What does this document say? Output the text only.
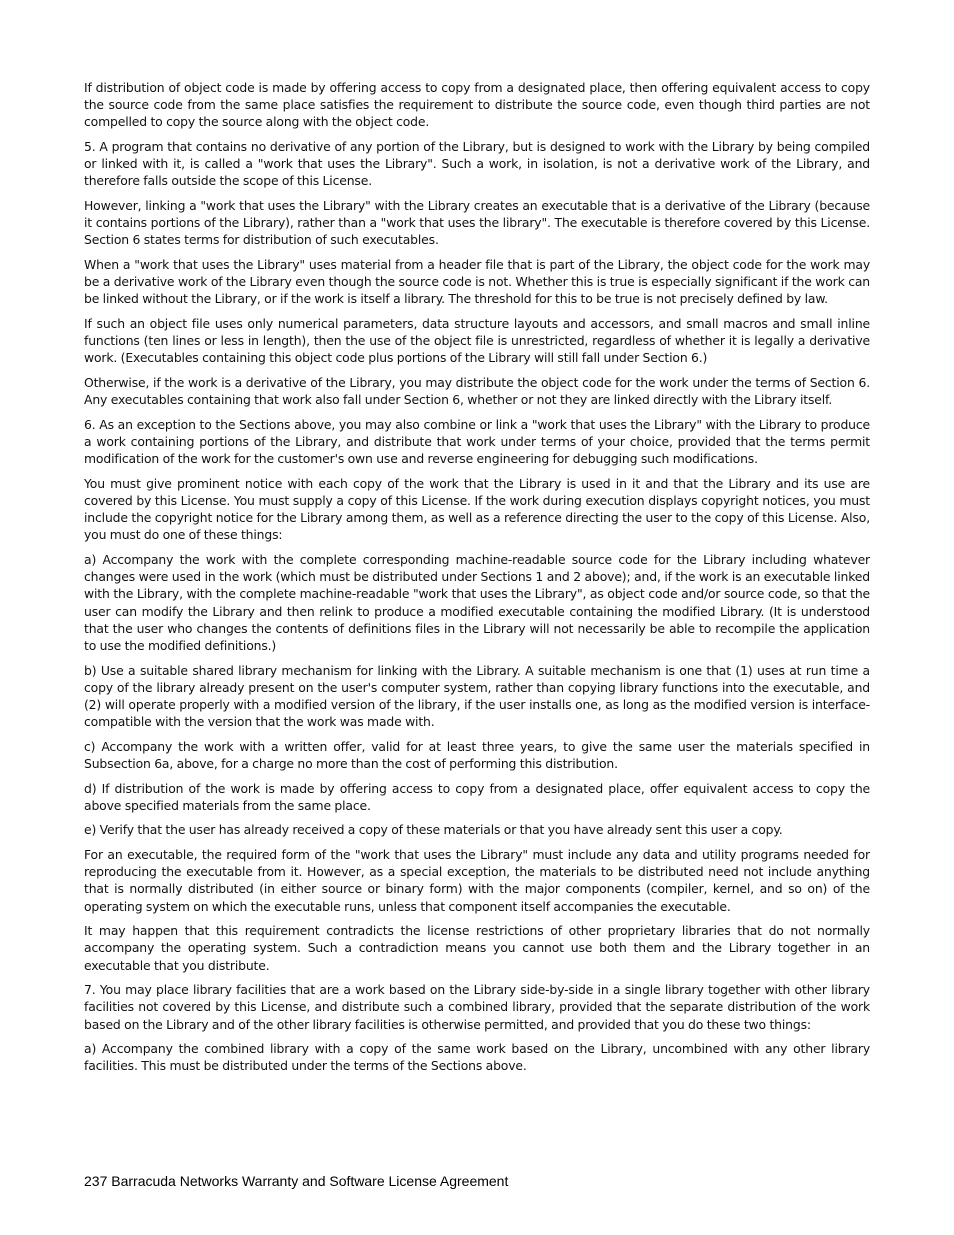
If distribution of object code is made by offering access to copy from a designated place, then offering equivalent access to copy the source code from the same place satisfies the requirement to distribute the source code, even though third parties are not compelled to copy the source along with the object code.

5. A program that contains no derivative of any portion of the Library, but is designed to work with the Library by being compiled or linked with it, is called a "work that uses the Library". Such a work, in isolation, is not a derivative work of the Library, and therefore falls outside the scope of this License.

However, linking a "work that uses the Library" with the Library creates an executable that is a derivative of the Library (because it contains portions of the Library), rather than a "work that uses the library". The executable is therefore covered by this License. Section 6 states terms for distribution of such executables.

When a "work that uses the Library" uses material from a header file that is part of the Library, the object code for the work may be a derivative work of the Library even though the source code is not. Whether this is true is especially significant if the work can be linked without the Library, or if the work is itself a library. The threshold for this to be true is not precisely defined by law.

If such an object file uses only numerical parameters, data structure layouts and accessors, and small macros and small inline functions (ten lines or less in length), then the use of the object file is unrestricted, regardless of whether it is legally a derivative work. (Executables containing this object code plus portions of the Library will still fall under Section 6.)

Otherwise, if the work is a derivative of the Library, you may distribute the object code for the work under the terms of Section 6. Any executables containing that work also fall under Section 6, whether or not they are linked directly with the Library itself.

6. As an exception to the Sections above, you may also combine or link a "work that uses the Library" with the Library to produce a work containing portions of the Library, and distribute that work under terms of your choice, provided that the terms permit modification of the work for the customer's own use and reverse engineering for debugging such modifications.

You must give prominent notice with each copy of the work that the Library is used in it and that the Library and its use are covered by this License. You must supply a copy of this License. If the work during execution displays copyright notices, you must include the copyright notice for the Library among them, as well as a reference directing the user to the copy of this License. Also, you must do one of these things:

a) Accompany the work with the complete corresponding machine-readable source code for the Library including whatever changes were used in the work (which must be distributed under Sections 1 and 2 above); and, if the work is an executable linked with the Library, with the complete machine-readable "work that uses the Library", as object code and/or source code, so that the user can modify the Library and then relink to produce a modified executable containing the modified Library. (It is understood that the user who changes the contents of definitions files in the Library will not necessarily be able to recompile the application to use the modified definitions.)

b) Use a suitable shared library mechanism for linking with the Library. A suitable mechanism is one that (1) uses at run time a copy of the library already present on the user's computer system, rather than copying library functions into the executable, and (2) will operate properly with a modified version of the library, if the user installs one, as long as the modified version is interface-compatible with the version that the work was made with.

c) Accompany the work with a written offer, valid for at least three years, to give the same user the materials specified in Subsection 6a, above, for a charge no more than the cost of performing this distribution.

d) If distribution of the work is made by offering access to copy from a designated place, offer equivalent access to copy the above specified materials from the same place.

e) Verify that the user has already received a copy of these materials or that you have already sent this user a copy.

For an executable, the required form of the "work that uses the Library" must include any data and utility programs needed for reproducing the executable from it. However, as a special exception, the materials to be distributed need not include anything that is normally distributed (in either source or binary form) with the major components (compiler, kernel, and so on) of the operating system on which the executable runs, unless that component itself accompanies the executable.

It may happen that this requirement contradicts the license restrictions of other proprietary libraries that do not normally accompany the operating system. Such a contradiction means you cannot use both them and the Library together in an executable that you distribute.

7. You may place library facilities that are a work based on the Library side-by-side in a single library together with other library facilities not covered by this License, and distribute such a combined library, provided that the separate distribution of the work based on the Library and of the other library facilities is otherwise permitted, and provided that you do these two things:

a) Accompany the combined library with a copy of the same work based on the Library, uncombined with any other library facilities. This must be distributed under the terms of the Sections above.

237 Barracuda Networks Warranty and Software License Agreement
